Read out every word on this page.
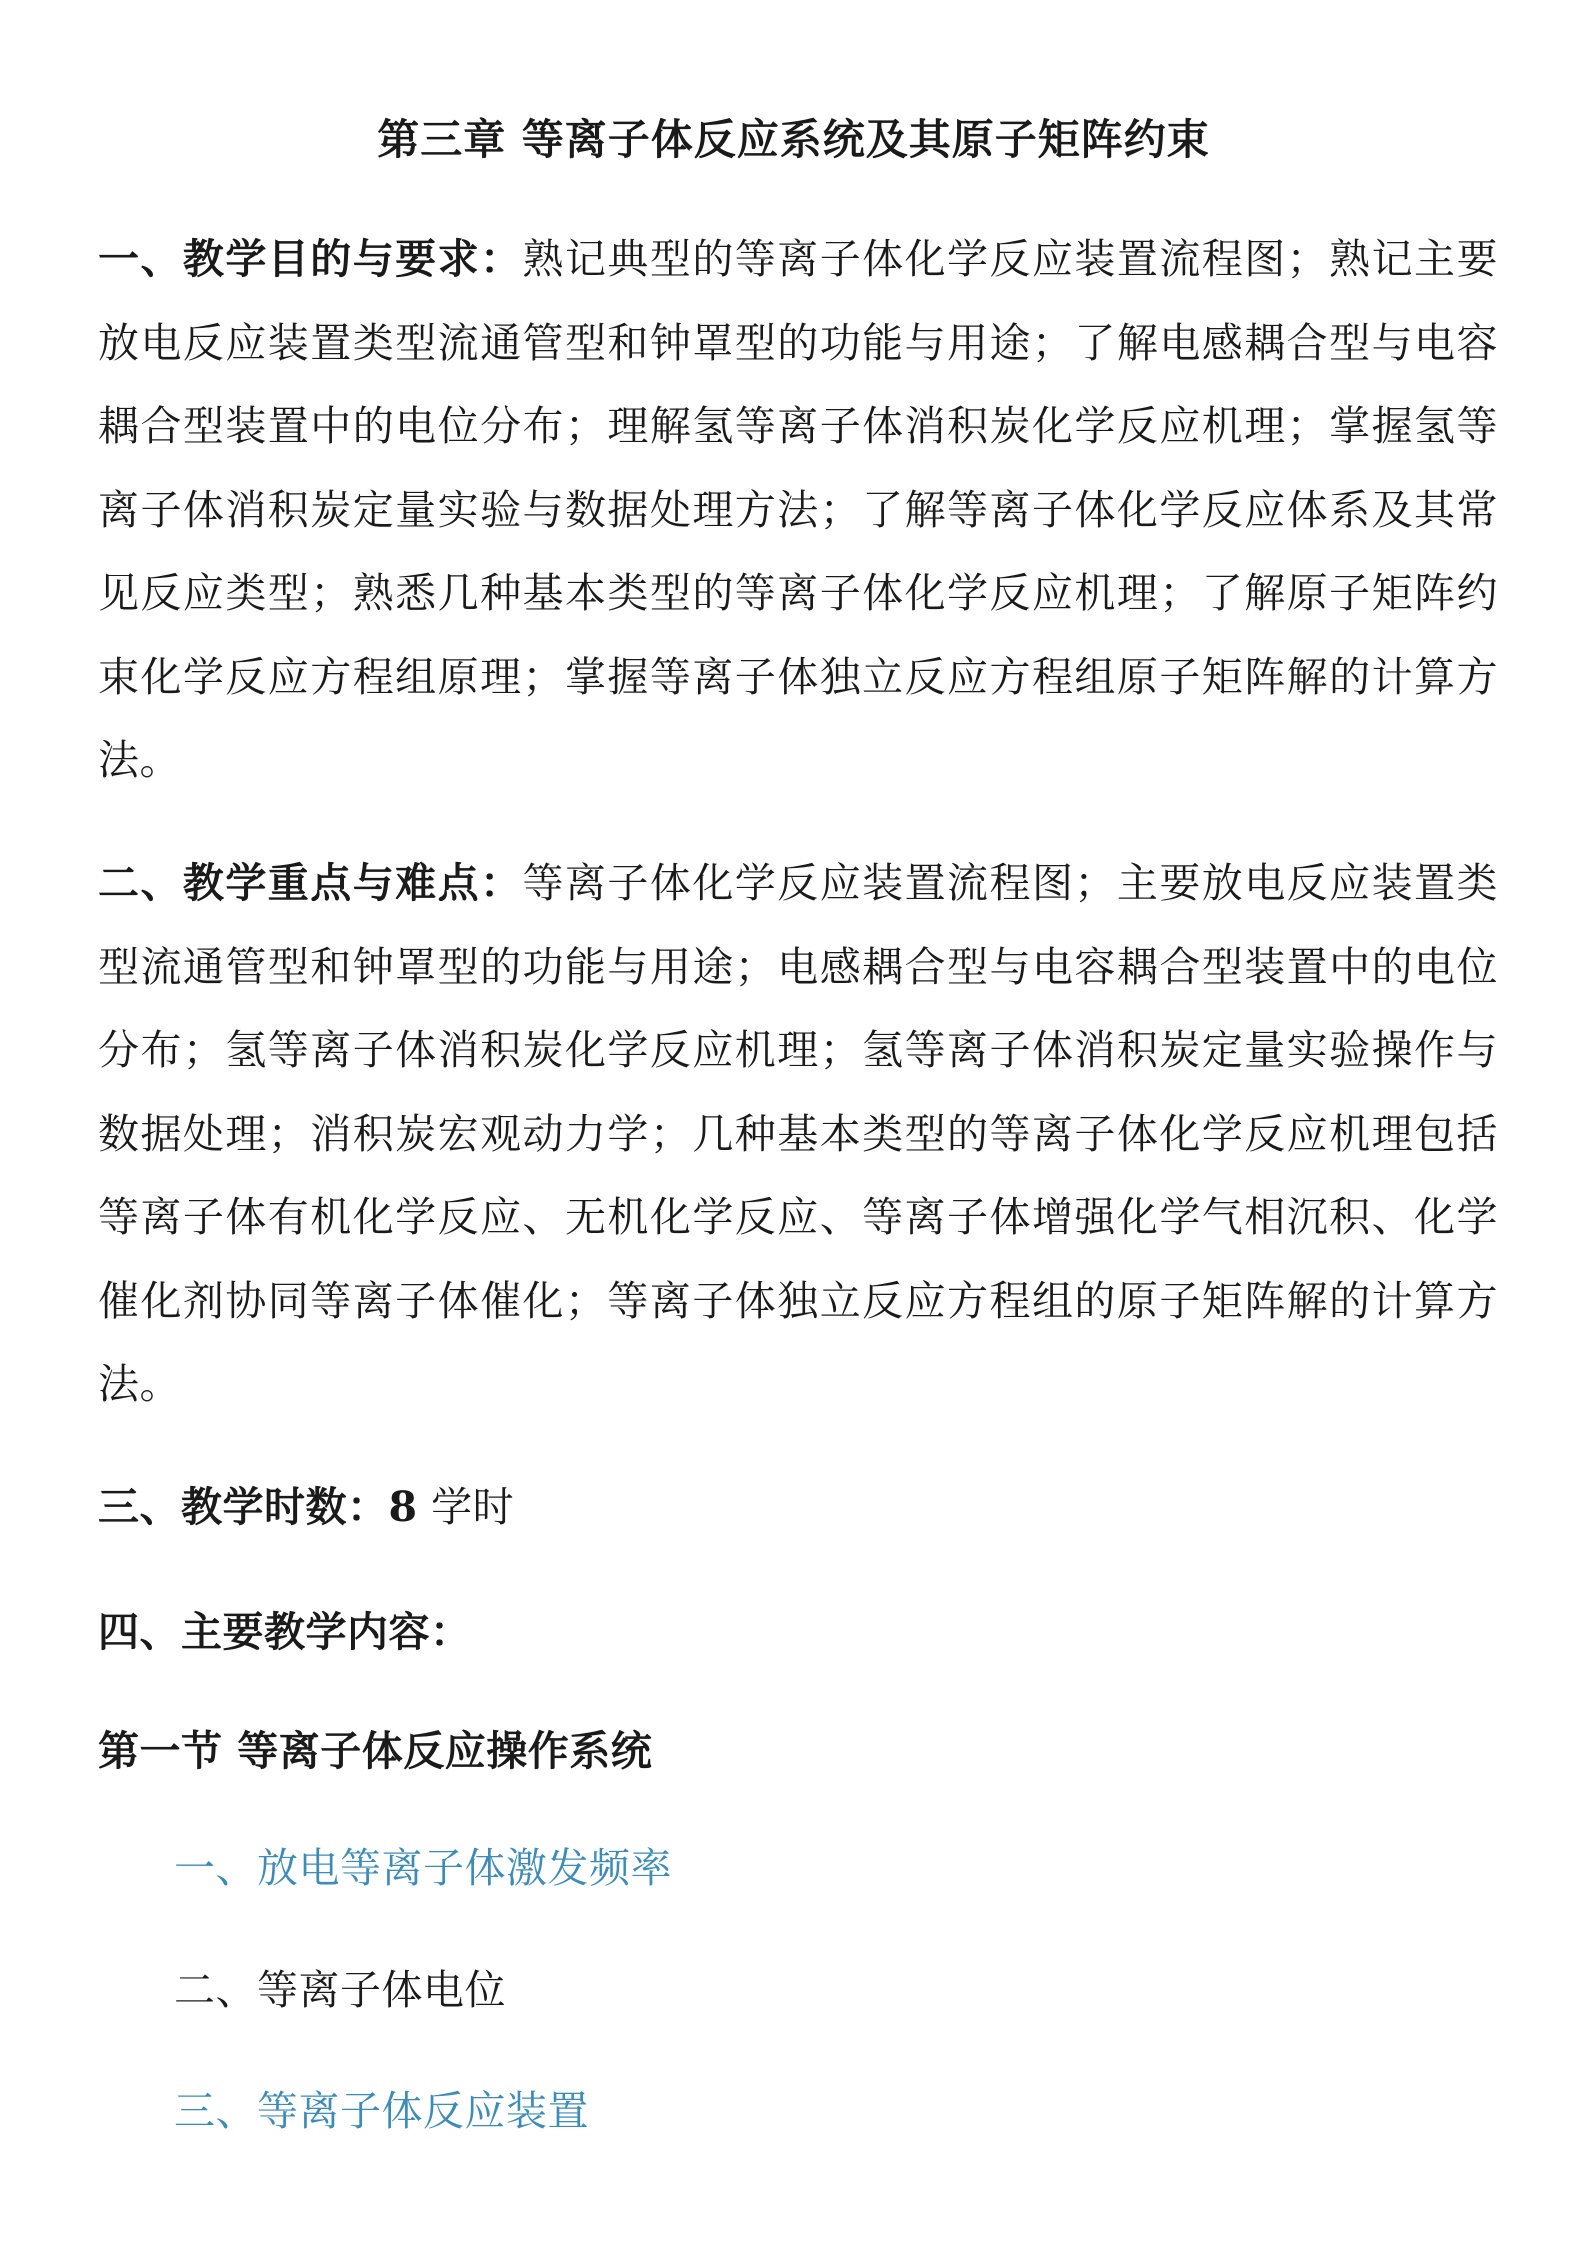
第三章 等离子体反应系统及其原子矩阵约束
一、教学目的与要求：熟记典型的等离子体化学反应装置流程图；熟记主要放电反应装置类型流通管型和钟罩型的功能与用途；了解电感耦合型与电容耦合型装置中的电位分布；理解氢等离子体消积炭化学反应机理；掌握氢等离子体消积炭定量实验与数据处理方法；了解等离子体化学反应体系及其常见反应类型；熟悉几种基本类型的等离子体化学反应机理；了解原子矩阵约束化学反应方程组原理；掌握等离子体独立反应方程组原子矩阵解的计算方法。
二、教学重点与难点：等离子体化学反应装置流程图；主要放电反应装置类型流通管型和钟罩型的功能与用途；电感耦合型与电容耦合型装置中的电位分布；氢等离子体消积炭化学反应机理；氢等离子体消积炭定量实验操作与数据处理；消积炭宏观动力学；几种基本类型的等离子体化学反应机理包括等离子体有机化学反应、无机化学反应、等离子体增强化学气相沉积、化学催化剂协同等离子体催化；等离子体独立反应方程组的原子矩阵解的计算方法。
三、教学时数：8 学时
四、主要教学内容：
第一节 等离子体反应操作系统
一、放电等离子体激发频率
二、等离子体电位
三、等离子体反应装置
